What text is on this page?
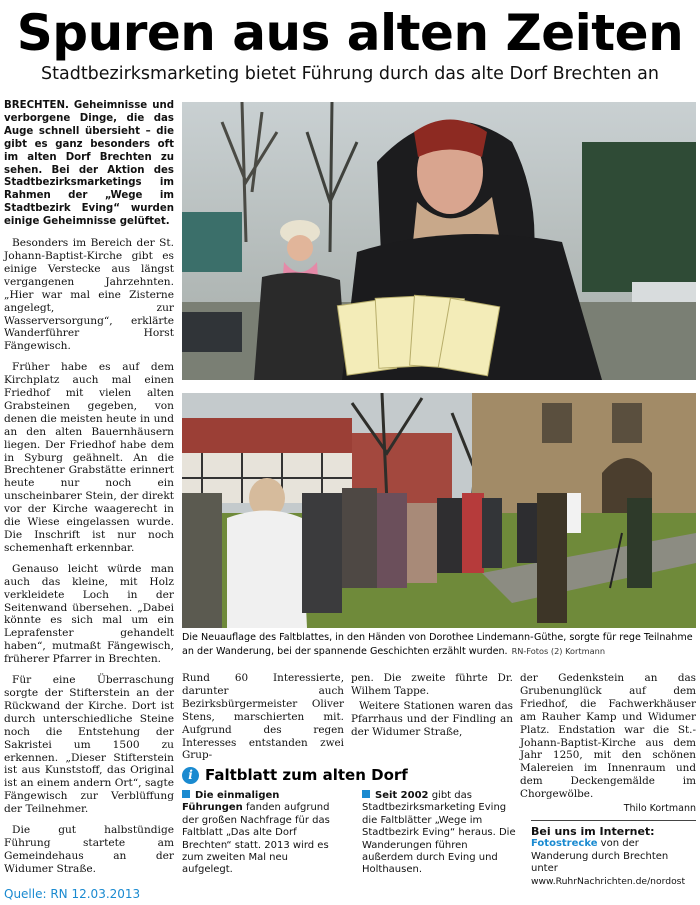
Spuren aus alten Zeiten
Stadtbezirksmarketing bietet Führung durch das alte Dorf Brechten an

BRECHTEN. Geheimnisse und verborgene Dinge, die das Auge schnell übersieht – die gibt es ganz besonders oft im alten Dorf Brechten zu sehen. Bei der Aktion des Stadtbezirksmarketings im Rahmen der „Wege im Stadtbezirk Eving“ wurden einige Geheimnisse gelüftet.

Besonders im Bereich der St. Johann-Baptist-Kirche gibt es einige Verstecke aus längst vergangenen Jahrzehnten. „Hier war mal eine Zisterne angelegt, zur Wasserversorgung“, erklärte Wanderführer Horst Fängewisch.

Früher habe es auf dem Kirchplatz auch mal einen Friedhof mit vielen alten Grabsteinen gegeben, von denen die meisten heute in und an den alten Bauernhäusern liegen. Der Friedhof habe dem in Syburg geähnelt. An die Brechtener Grabstätte erinnert heute nur noch ein unscheinbarer Stein, der direkt vor der Kirche waagerecht in die Wiese eingelassen wurde. Die Inschrift ist nur noch schemenhaft erkennbar.

Genauso leicht würde man auch das kleine, mit Holz verkleidete Loch in der Seitenwand übersehen. „Dabei könnte es sich mal um ein Leprafenster gehandelt haben“, mutmaßt Fängewisch, früherer Pfarrer in Brechten.

Für eine Überraschung sorgte der Stifterstein an der Rückwand der Kirche. Dort ist durch unterschiedliche Steine noch die Entstehung der Sakristei um 1500 zu erkennen. „Dieser Stifterstein ist aus Kunststoff, das Original ist an einem andern Ort“, sagte Fängewisch zur Verblüffung der Teilnehmer.

Die gut halbstündige Führung startete am Gemeindehaus an der Widumer Straße.

Die Neuauflage des Faltblattes, in den Händen von Dorothee Lindemann-Güthe, sorgte für rege Teilnahme an der Wanderung, bei der spannende Geschichten erzählt wurden. RN-Fotos (2) Kortmann

Rund 60 Interessierte, darunter auch Bezirksbürgermeister Oliver Stens, marschierten mit. Aufgrund des regen Interesses entstanden zwei Grup-

pen. Die zweite führte Dr. Wilhem Tappe.

Weitere Stationen waren das Pfarrhaus und der Findling an der Widumer Straße,

der Gedenkstein an das Grubenunglück auf dem Friedhof, die Fachwerkhäuser am Rauher Kamp und Widumer Platz. Endstation war die St.-Johann-Baptist-Kirche aus dem Jahr 1250, mit den schönen Malereien im Innenraum und dem Deckengemälde im Chorgewölbe.

Thilo Kortmann

i Faltblatt zum alten Dorf
Die einmaligen Führungen fanden aufgrund der großen Nachfrage für das Faltblatt „Das alte Dorf Brechten“ statt. 2013 wird es zum zweiten Mal neu aufgelegt.
Seit 2002 gibt das Stadtbezirksmarketing Eving die Faltblätter „Wege im Stadtbezirk Eving“ heraus. Die Wanderungen führen außerdem durch Eving und Holthausen.
Bei uns im Internet:
Fotostrecke von der Wanderung durch Brechten unter
www.RuhrNachrichten.de/nordost
Quelle: RN 12.03.2013
